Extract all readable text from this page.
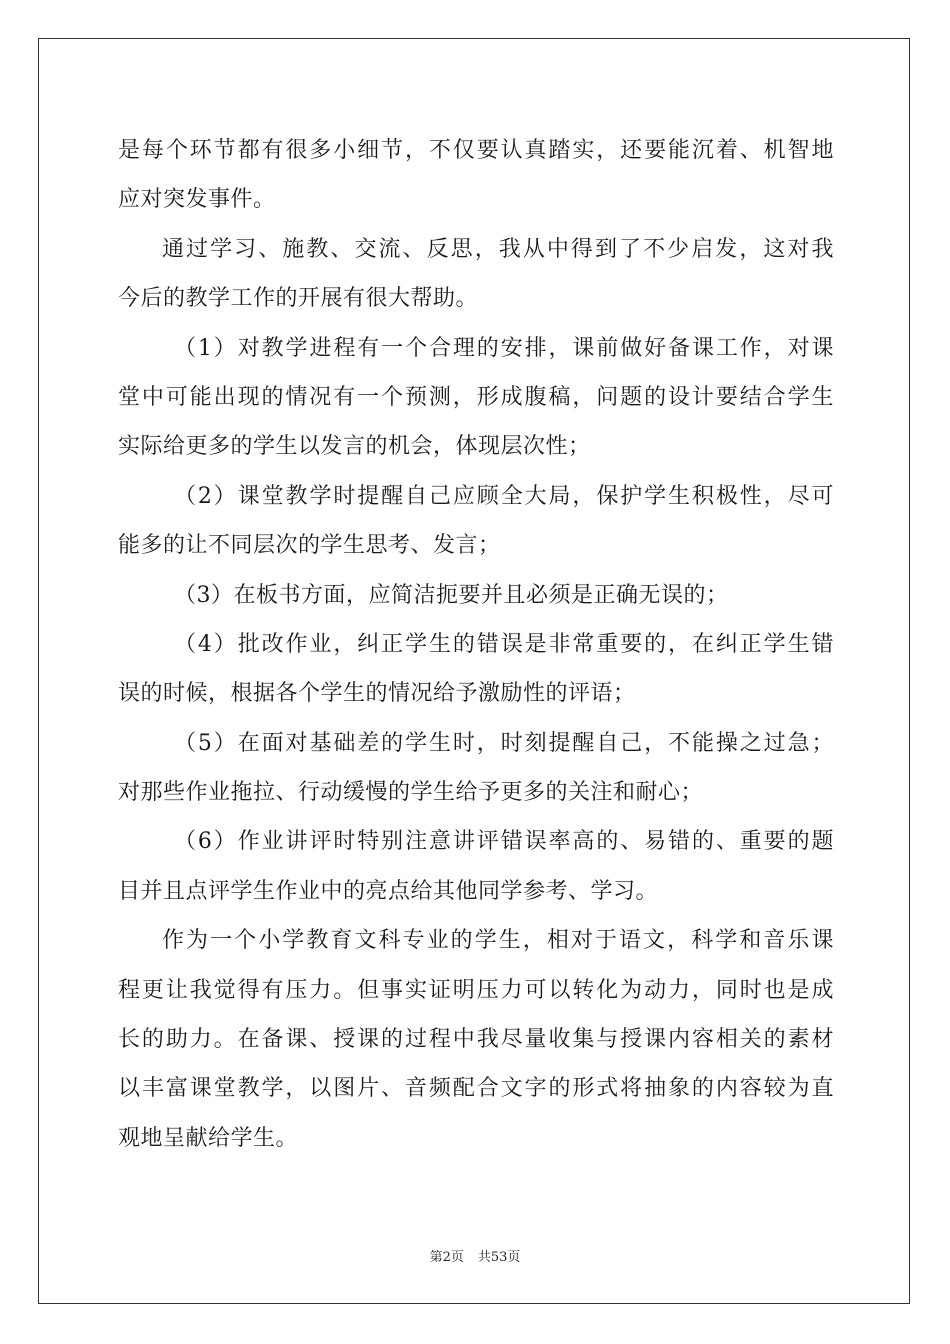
是每个环节都有很多小细节，不仅要认真踏实，还要能沉着、机智地
应对突发事件。
通过学习、施教、交流、反思，我从中得到了不少启发，这对我
今后的教学工作的开展有很大帮助。
（1）对教学进程有一个合理的安排，课前做好备课工作，对课
堂中可能出现的情况有一个预测，形成腹稿，问题的设计要结合学生
实际给更多的学生以发言的机会，体现层次性；
（2）课堂教学时提醒自己应顾全大局，保护学生积极性，尽可
能多的让不同层次的学生思考、发言；
（3）在板书方面，应简洁扼要并且必须是正确无误的；
（4）批改作业，纠正学生的错误是非常重要的，在纠正学生错
误的时候，根据各个学生的情况给予激励性的评语；
（5）在面对基础差的学生时，时刻提醒自己，不能操之过急；
对那些作业拖拉、行动缓慢的学生给予更多的关注和耐心；
（6）作业讲评时特别注意讲评错误率高的、易错的、重要的题
目并且点评学生作业中的亮点给其他同学参考、学习。
作为一个小学教育文科专业的学生，相对于语文，科学和音乐课
程更让我觉得有压力。但事实证明压力可以转化为动力，同时也是成
长的助力。在备课、授课的过程中我尽量收集与授课内容相关的素材
以丰富课堂教学，以图片、音频配合文字的形式将抽象的内容较为直
观地呈献给学生。
第2页 共53页
